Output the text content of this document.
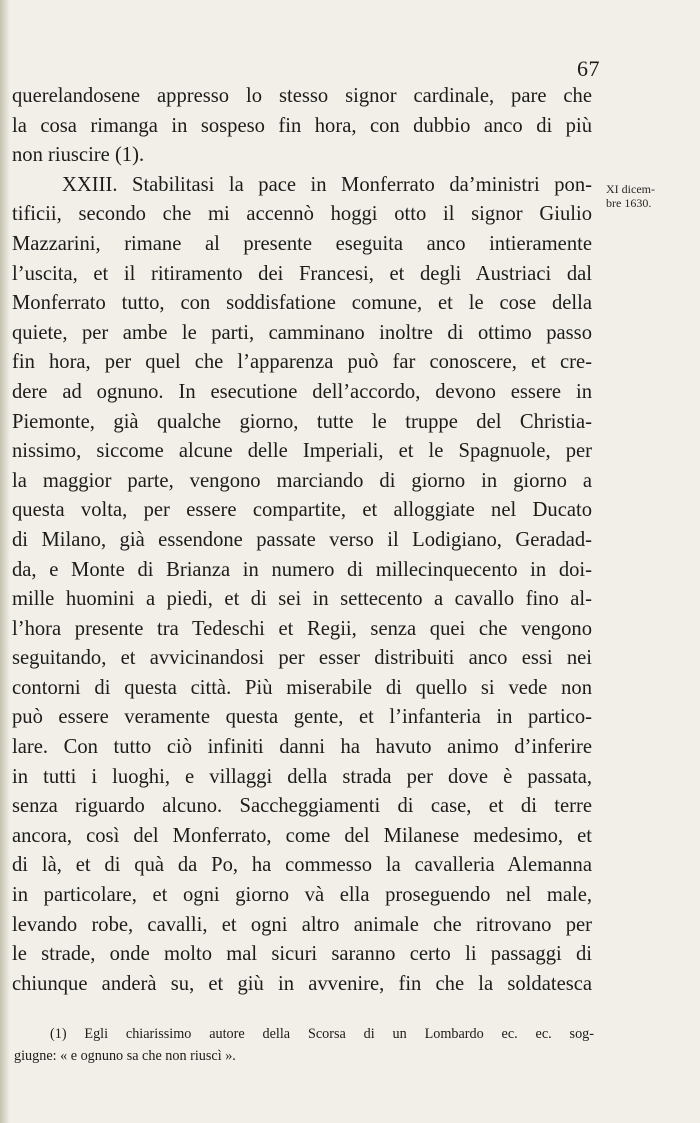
67
XI dicem-
bre 1630.
querelandosene appresso lo stesso signor cardinale, pare che
la cosa rimanga in sospeso fin hora, con dubbio anco di più
non riuscire (1).
XXIII. Stabilitasi la pace in Monferrato da’ministri pon-
tificii, secondo che mi accennò hoggi otto il signor Giulio
Mazzarini, rimane al presente eseguita anco intieramente
l’uscita, et il ritiramento dei Francesi, et degli Austriaci dal
Monferrato tutto, con soddisfatione comune, et le cose della
quiete, per ambe le parti, camminano inoltre di ottimo passo
fin hora, per quel che l’apparenza può far conoscere, et cre-
dere ad ognuno. In esecutione dell’accordo, devono essere in
Piemonte, già qualche giorno, tutte le truppe del Christia-
nissimo, siccome alcune delle Imperiali, et le Spagnuole, per
la maggior parte, vengono marciando di giorno in giorno a
questa volta, per essere compartite, et alloggiate nel Ducato
di Milano, già essendone passate verso il Lodigiano, Geradad-
da, e Monte di Brianza in numero di millecinquecento in doi-
mille huomini a piedi, et di sei in settecento a cavallo fino al-
l’hora presente tra Tedeschi et Regii, senza quei che vengono
seguitando, et avvicinandosi per esser distribuiti anco essi nei
contorni di questa città. Più miserabile di quello si vede non
può essere veramente questa gente, et l’infanteria in partico-
lare. Con tutto ciò infiniti danni ha havuto animo d’inferire
in tutti i luoghi, e villaggi della strada per dove è passata,
senza riguardo alcuno. Saccheggiamenti di case, et di terre
ancora, così del Monferrato, come del Milanese medesimo, et
di là, et di quà da Po, ha commesso la cavalleria Alemanna
in particolare, et ogni giorno và ella proseguendo nel male,
levando robe, cavalli, et ogni altro animale che ritrovano per
le strade, onde molto mal sicuri saranno certo li passaggi di
chiunque anderà su, et giù in avvenire, fin che la soldatesca
(1) Egli chiarissimo autore della Scorsa di un Lombardo ec. ec. sog-
giugne: « e ognuno sa che non riuscì ».
